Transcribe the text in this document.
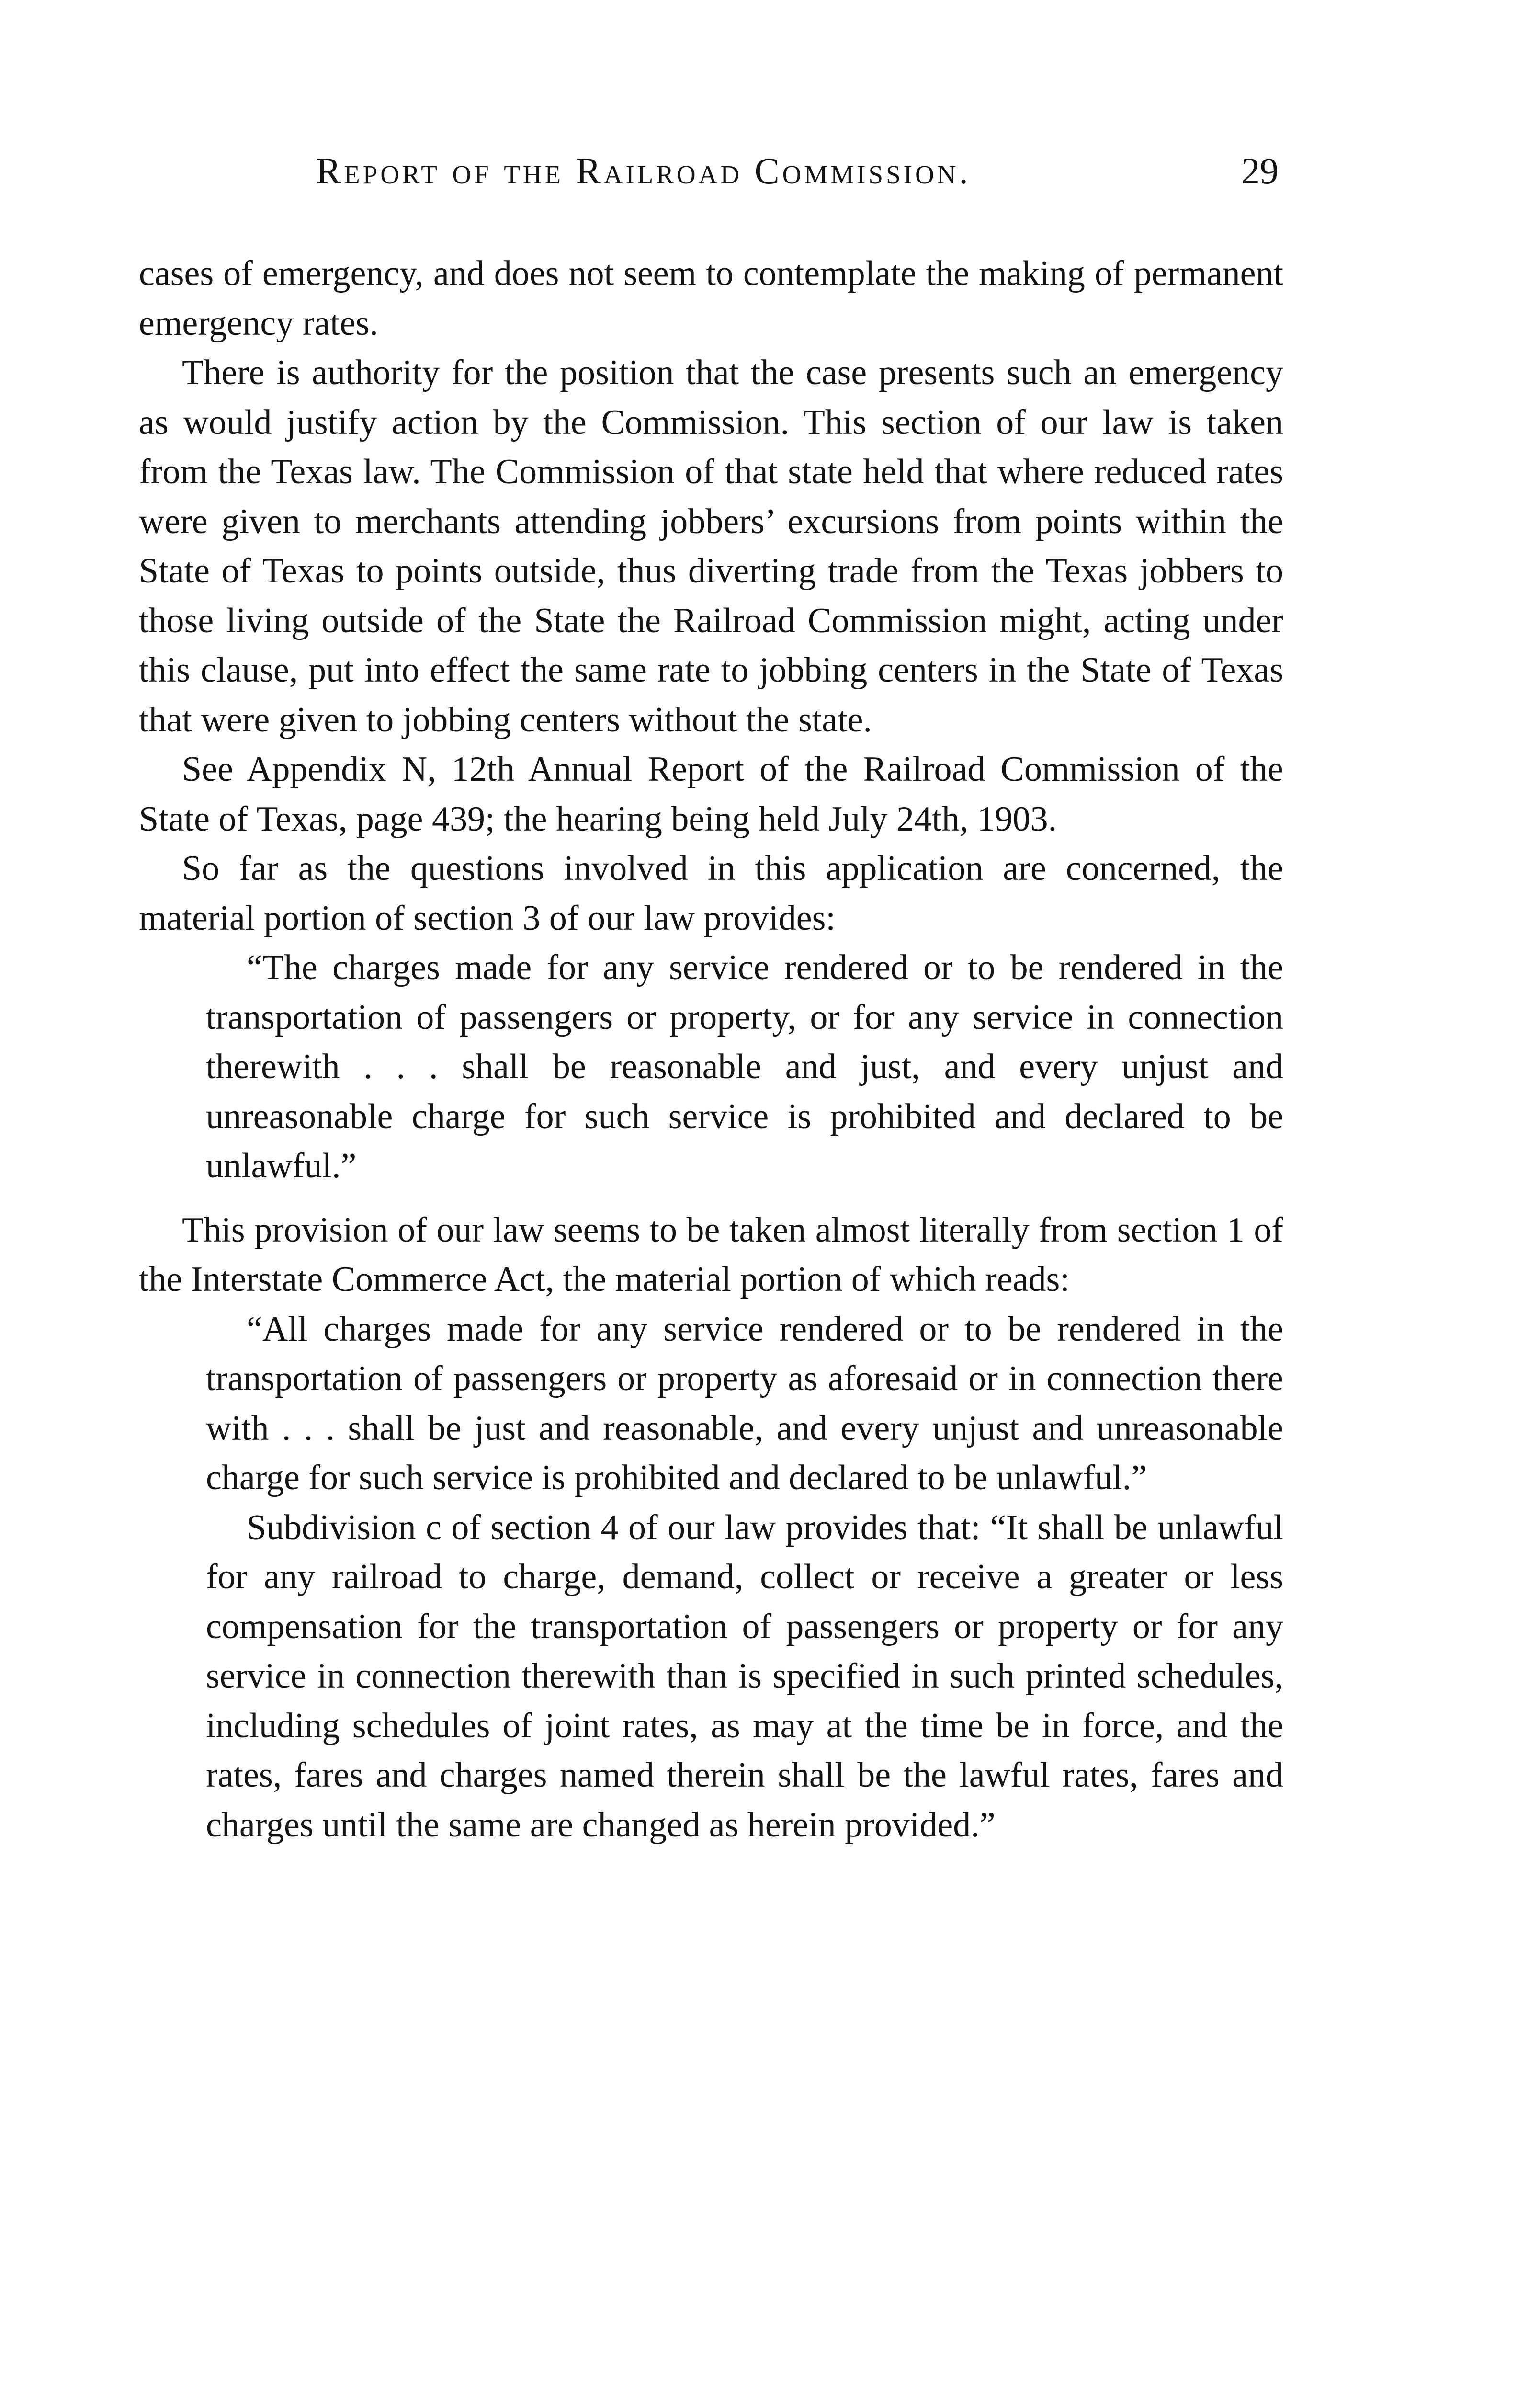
Report of the Railroad Commission.	29

cases of emergency, and does not seem to contemplate the making of permanent emergency rates.

There is authority for the position that the case presents such an emergency as would justify action by the Commission. This section of our law is taken from the Texas law. The Commission of that state held that where reduced rates were given to merchants attending jobbers’ excursions from points within the State of Texas to points outside, thus diverting trade from the Texas jobbers to those living outside of the State the Railroad Commission might, acting under this clause, put into effect the same rate to jobbing centers in the State of Texas that were given to jobbing centers without the state.

See Appendix N, 12th Annual Report of the Railroad Commission of the State of Texas, page 439; the hearing being held July 24th, 1903.

So far as the questions involved in this application are concerned, the material portion of section 3 of our law provides:

“The charges made for any service rendered or to be rendered in the transportation of passengers or property, or for any service in connection therewith . . . shall be reasonable and just, and every unjust and unreasonable charge for such service is prohibited and declared to be unlawful.”

This provision of our law seems to be taken almost literally from section 1 of the Interstate Commerce Act, the material portion of which reads:

“All charges made for any service rendered or to be rendered in the transportation of passengers or property as aforesaid or in connection there with . . . shall be just and reasonable, and every unjust and unreasonable charge for such service is prohibited and declared to be unlawful.”

Subdivision c of section 4 of our law provides that: “It shall be unlawful for any railroad to charge, demand, collect or receive a greater or less compensation for the transportation of passengers or property or for any service in connection therewith than is specified in such printed schedules, including schedules of joint rates, as may at the time be in force, and the rates, fares and charges named therein shall be the lawful rates, fares and charges until the same are changed as herein provided.”
